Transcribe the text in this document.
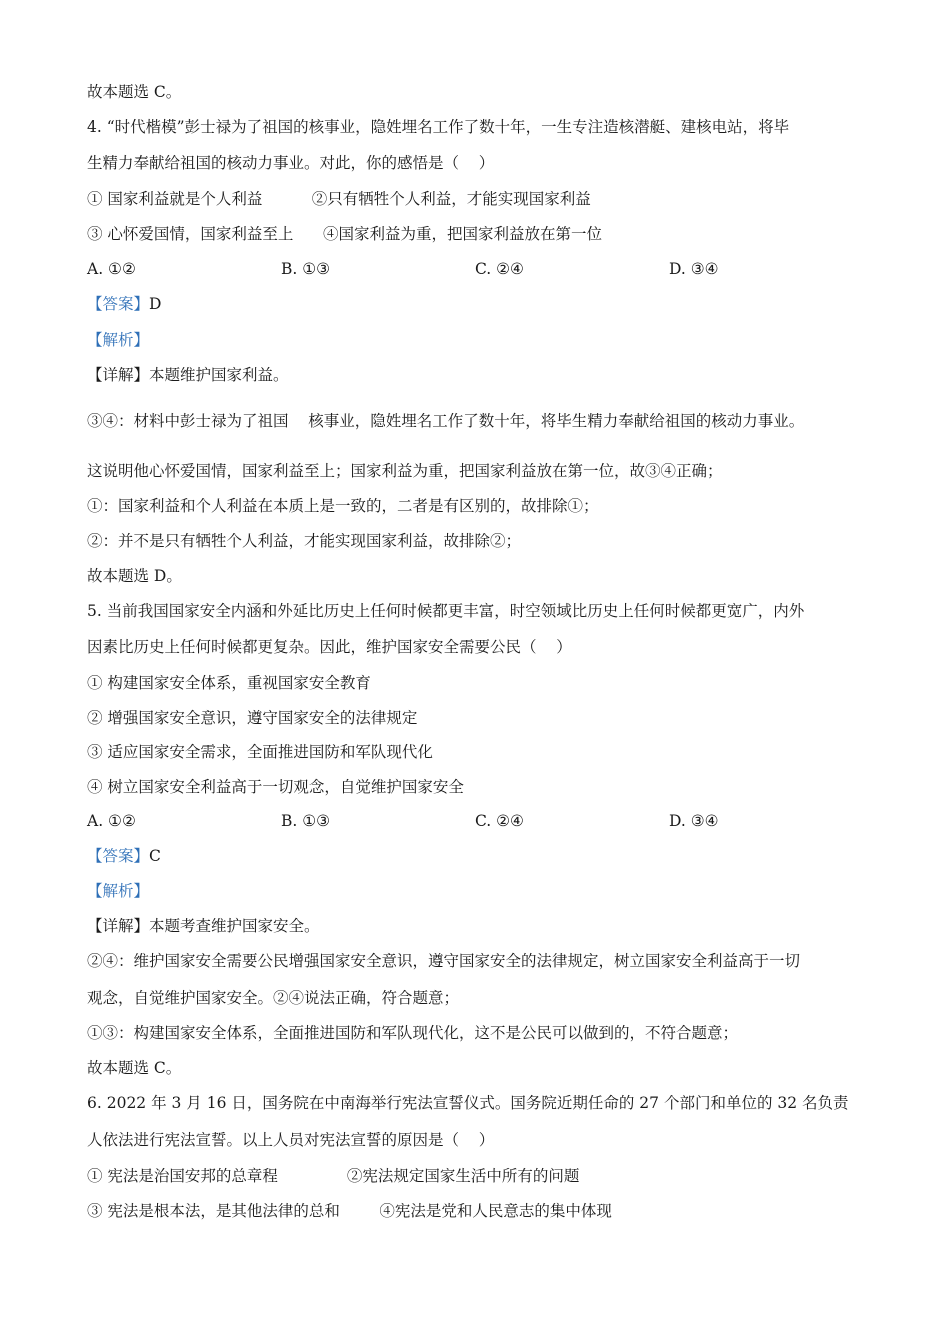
故本题选 C。
4. “时代楷模”彭士禄为了祖国的核事业，隐姓埋名工作了数十年，一生专注造核潜艇、建核电站，将毕
生精力奉献给祖国的核动力事业。对此，你的感悟是（    ）
① 国家利益就是个人利益          ②只有牺牲个人利益，才能实现国家利益
③ 心怀爱国情，国家利益至上      ④国家利益为重，把国家利益放在第一位
A. ①②	B. ①③	C. ②④	D. ③④
【答案】D
【解析】
【详解】本题维护国家利益。
③④：材料中彭士禄为了祖国    核事业，隐姓埋名工作了数十年，将毕生精力奉献给祖国的核动力事业。
这说明他心怀爱国情，国家利益至上；国家利益为重，把国家利益放在第一位，故③④正确；
①：国家利益和个人利益在本质上是一致的，二者是有区别的，故排除①；
②：并不是只有牺牲个人利益，才能实现国家利益，故排除②；
故本题选 D。
5. 当前我国国家安全内涵和外延比历史上任何时候都更丰富，时空领域比历史上任何时候都更宽广，内外
因素比历史上任何时候都更复杂。因此，维护国家安全需要公民（    ）
① 构建国家安全体系，重视国家安全教育
② 增强国家安全意识，遵守国家安全的法律规定
③ 适应国家安全需求，全面推进国防和军队现代化
④ 树立国家安全利益高于一切观念，自觉维护国家安全
A. ①②	B. ①③	C. ②④	D. ③④
【答案】C
【解析】
【详解】本题考查维护国家安全。
②④：维护国家安全需要公民增强国家安全意识，遵守国家安全的法律规定，树立国家安全利益高于一切
观念，自觉维护国家安全。②④说法正确，符合题意；
①③：构建国家安全体系，全面推进国防和军队现代化，这不是公民可以做到的，不符合题意；
故本题选 C。
6. 2022 年 3 月 16 日，国务院在中南海举行宪法宣誓仪式。国务院近期任命的 27 个部门和单位的 32 名负责
人依法进行宪法宣誓。以上人员对宪法宣誓的原因是（    ）
① 宪法是治国安邦的总章程              ②宪法规定国家生活中所有的问题
③ 宪法是根本法，是其他法律的总和        ④宪法是党和人民意志的集中体现
